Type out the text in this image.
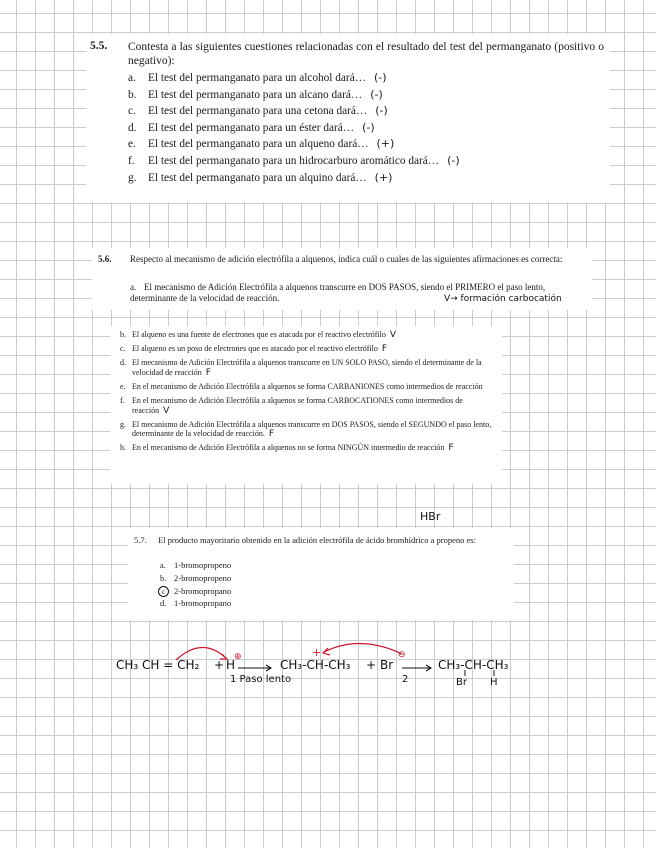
5.5. Contesta a las siguientes cuestiones relacionadas con el resultado del test del permanganato (positivo o negativo):
a. El test del permanganato para un alcohol dará… (-)
b. El test del permanganato para un alcano dará… (-)
c. El test del permanganato para una cetona dará… (-)
d. El test del permanganato para un éster dará… (-)
e. El test del permanganato para un alqueno dará… (+)
f. El test del permanganato para un hidrocarburo aromático dará… (-)
g. El test del permanganato para un alquino dará… (+)
5.6. Respecto al mecanismo de adición electrófila a alquenos, indica cuál o cuales de las siguientes afirmaciones es correcta:
a. El mecanismo de Adición Electrófila a alquenos transcurre en DOS PASOS, siendo el PRIMERO el paso lento, determinante de la velocidad de reacción.	V→ formación carbocatión
b. El alqueno es una fuente de electrones que es atacada por el reactivo electrófilo V
c. El alqueno es un poso de electrones que es atacado por el reactivo electrófilo F
d. El mecanismo de Adición Electrófila a alquenos transcurre en UN SOLO PASO, siendo el determinante de la velocidad de reacción F
e. En el mecanismo de Adición Electrófila a alquenos se forma CARBANIONES como intermedios de reacción
f. En el mecanismo de Adición Electrófila a alquenos se forma CARBOCATIONES como intermedios de reacción V
g. El mecanismo de Adición Electrófila a alquenos transcurre en DOS PASOS, siendo el SEGUNDO el paso lento, determinante de la velocidad de reacción. F
h. En el mecanismo de Adición Electrófila a alquenos no se forma NINGÚN intermedio de reacción F
HBr
5.7. El producto mayoritario obtenido en la adición electrófila de ácido bromhídrico a propeno es:
a. 1-bromopropeno
b. 2-bromopropeno
c 2-bromopropano
d. 1-bromopropano
CH₃ CH = CH₂ + H
⊕
CH₃-CH-CH₃
+
+ Br
⊖
1 Paso lento	2
CH₃-CH-CH₃
Br H
